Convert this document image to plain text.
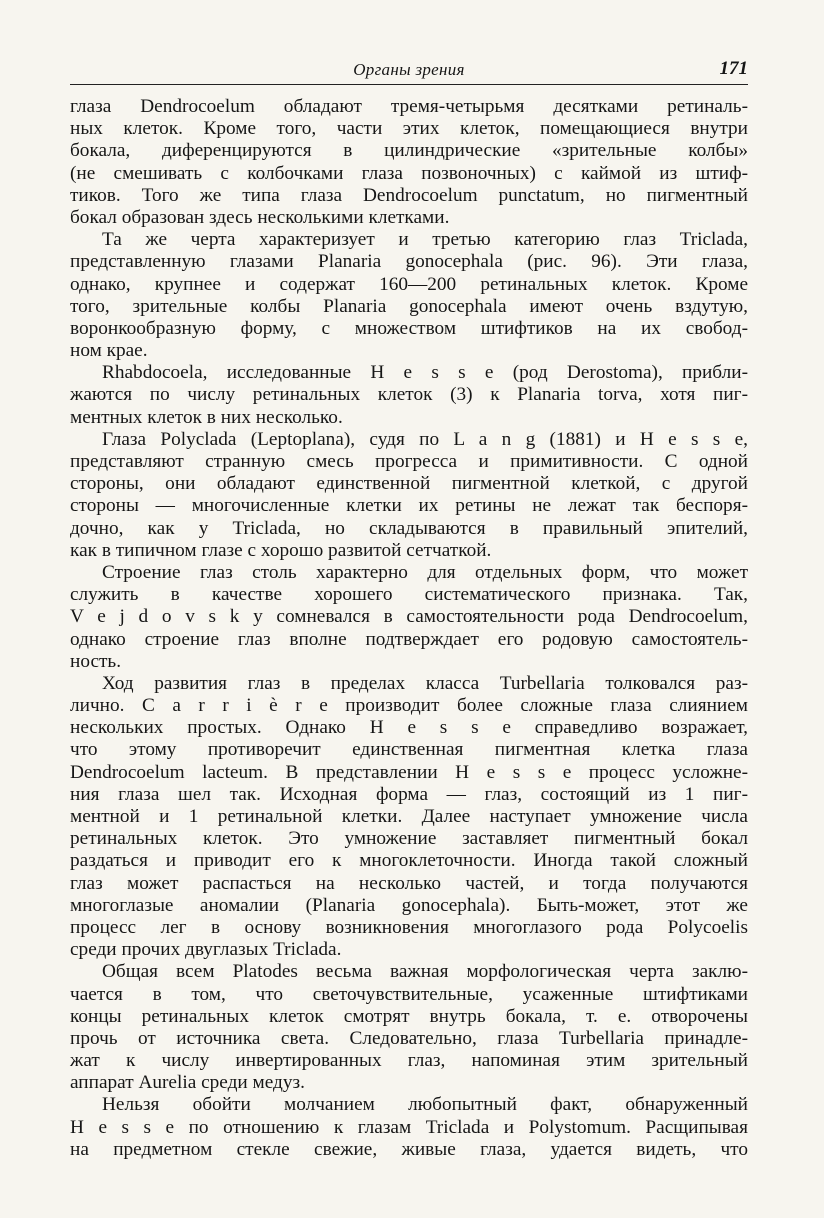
Органы зрения	171
глаза Dendrocoelum обладают тремя-четырьмя десятками ретиналь-
ных клеток. Кроме того, части этих клеток, помещающиеся внутри
бокала, диференцируются в цилиндрические «зрительные колбы»
(не смешивать с колбочками глаза позвоночных) с каймой из штиф-
тиков. Того же типа глаза Dendrocoelum punctatum, но пигментный
бокал образован здесь несколькими клетками.
Та же черта характеризует и третью категорию глаз Triclada,
представленную глазами Planaria gonocephala (рис. 96). Эти глаза,
однако, крупнее и содержат 160—200 ретинальных клеток. Кроме
того, зрительные колбы Planaria gonocephala имеют очень вздутую,
воронкообразную форму, с множеством штифтиков на их свобод-
ном крае.
Rhabdocoela, исследованные H e s s e (род Derostoma), прибли-
жаются по числу ретинальных клеток (3) к Planaria torva, хотя пиг-
ментных клеток в них несколько.
Глаза Polyclada (Leptoplana), судя по L a n g (1881) и H e s s e,
представляют странную смесь прогресса и примитивности. С одной
стороны, они обладают единственной пигментной клеткой, с другой
стороны — многочисленные клетки их ретины не лежат так беспоря-
дочно, как у Triclada, но складываются в правильный эпителий,
как в типичном глазе с хорошо развитой сетчаткой.
Строение глаз столь характерно для отдельных форм, что может
служить в качестве хорошего систематического признака. Так,
V e j d o v s k y сомневался в самостоятельности рода Dendrocoelum,
однако строение глаз вполне подтверждает его родовую самостоятель-
ность.
Ход развития глаз в пределах класса Turbellaria толковался раз-
лично. C a r r i è r e производит более сложные глаза слиянием
нескольких простых. Однако H e s s e справедливо возражает,
что этому противоречит единственная пигментная клетка глаза
Dendrocoelum lacteum. В представлении H e s s e процесс усложне-
ния глаза шел так. Исходная форма — глаз, состоящий из 1 пиг-
ментной и 1 ретинальной клетки. Далее наступает умножение числа
ретинальных клеток. Это умножение заставляет пигментный бокал
раздаться и приводит его к многоклеточности. Иногда такой сложный
глаз может распасться на несколько частей, и тогда получаются
многоглазые аномалии (Planaria gonocephala). Быть-может, этот же
процесс лег в основу возникновения многоглазого рода Polycoelis
среди прочих двуглазых Triclada.
Общая всем Platodes весьма важная морфологическая черта заклю-
чается в том, что светочувствительные, усаженные штифтиками
концы ретинальных клеток смотрят внутрь бокала, т. е. отворочены
прочь от источника света. Следовательно, глаза Turbellaria принадле-
жат к числу инвертированных глаз, напоминая этим зрительный
аппарат Aurelia среди медуз.
Нельзя обойти молчанием любопытный факт, обнаруженный
H e s s e по отношению к глазам Triclada и Polystomum. Расщипывая
на предметном стекле свежие, живые глаза, удается видеть, что
